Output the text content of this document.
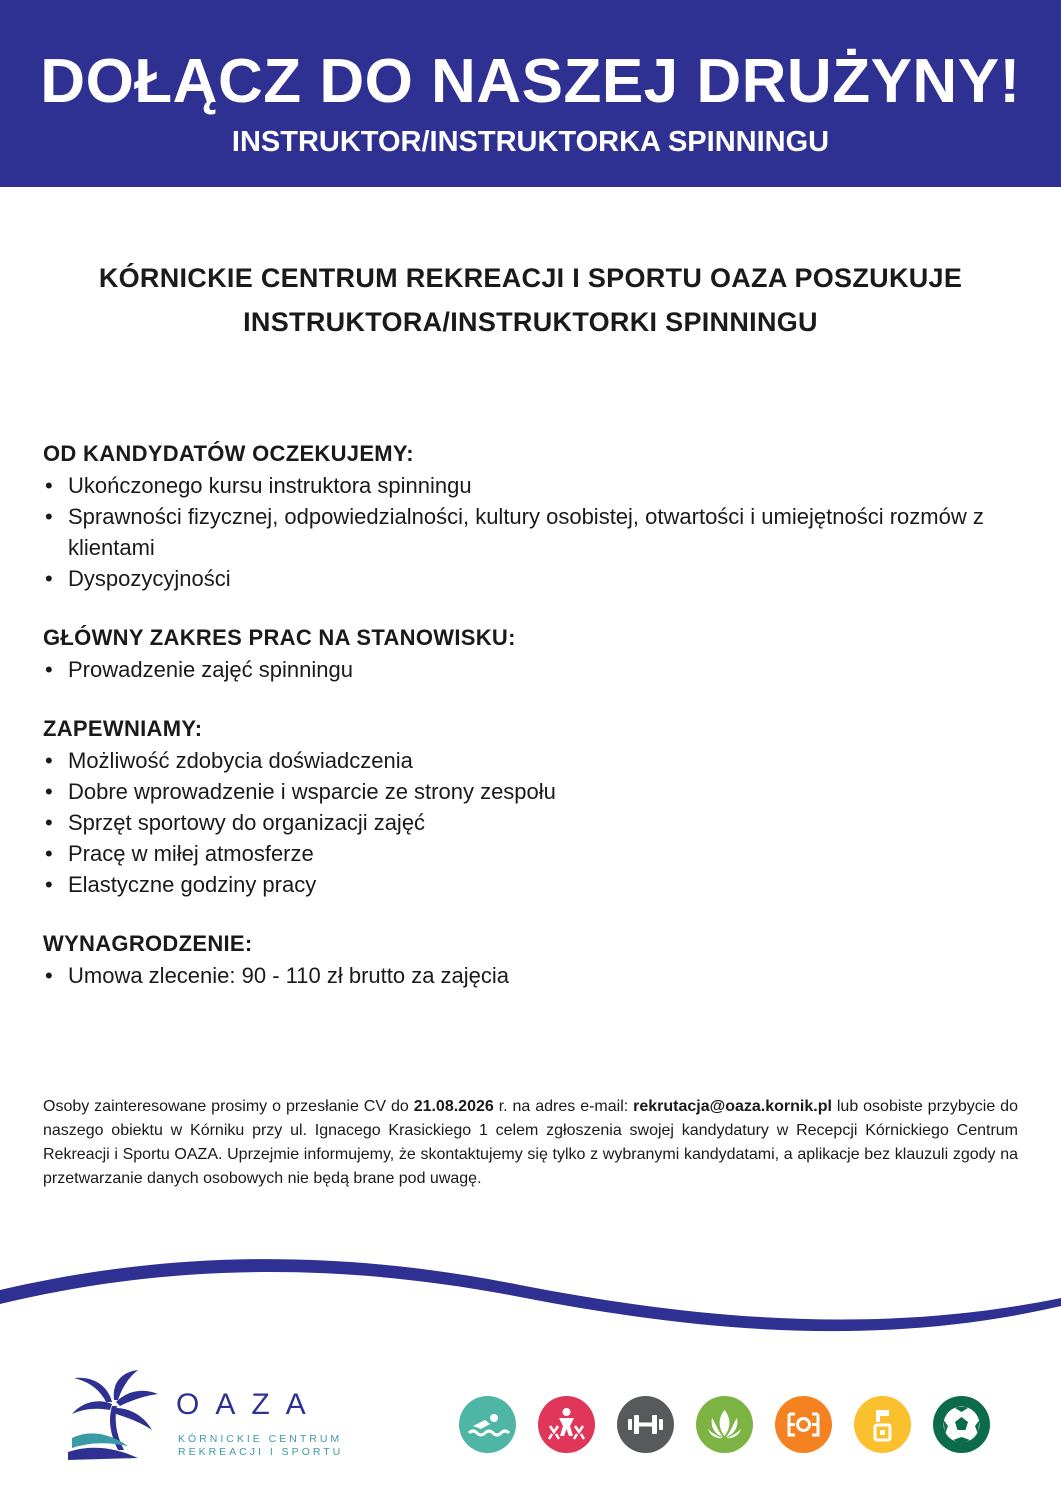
DOŁĄCZ DO NASZEJ DRUŻYNY!
INSTRUKTOR/INSTRUKTORKA SPINNINGU
KÓRNICKIE CENTRUM REKREACJI I SPORTU OAZA POSZUKUJE
INSTRUKTORA/INSTRUKTORKI SPINNINGU
OD KANDYDATÓW OCZEKUJEMY:
• Ukończonego kursu instruktora spinningu
• Sprawności fizycznej, odpowiedzialności, kultury osobistej, otwartości i umiejętności rozmów z klientami
• Dyspozycyjności
GŁÓWNY ZAKRES PRAC NA STANOWISKU:
• Prowadzenie zajęć spinningu
ZAPEWNIAMY:
• Możliwość zdobycia doświadczenia
• Dobre wprowadzenie i wsparcie ze strony zespołu
• Sprzęt sportowy do organizacji zajęć
• Pracę w miłej atmosferze
• Elastyczne godziny pracy
WYNAGRODZENIE:
• Umowa zlecenie: 90 - 110 zł brutto za zajęcia

Osoby zainteresowane prosimy o przesłanie CV do 21.08.2026 r. na adres e-mail: rekrutacja@oaza.kornik.pl lub osobiste przybycie do naszego obiektu w Kórniku przy ul. Ignacego Krasickiego 1 celem zgłoszenia swojej kandydatury w Recepcji Kórnickiego Centrum Rekreacji i Sportu OAZA. Uprzejmie informujemy, że skontaktujemy się tylko z wybranymi kandydatami, a aplikacje bez klauzuli zgody na przetwarzanie danych osobowych nie będą brane pod uwagę.

OAZA
KÓRNICKIE CENTRUM
REKREACJI I SPORTU
